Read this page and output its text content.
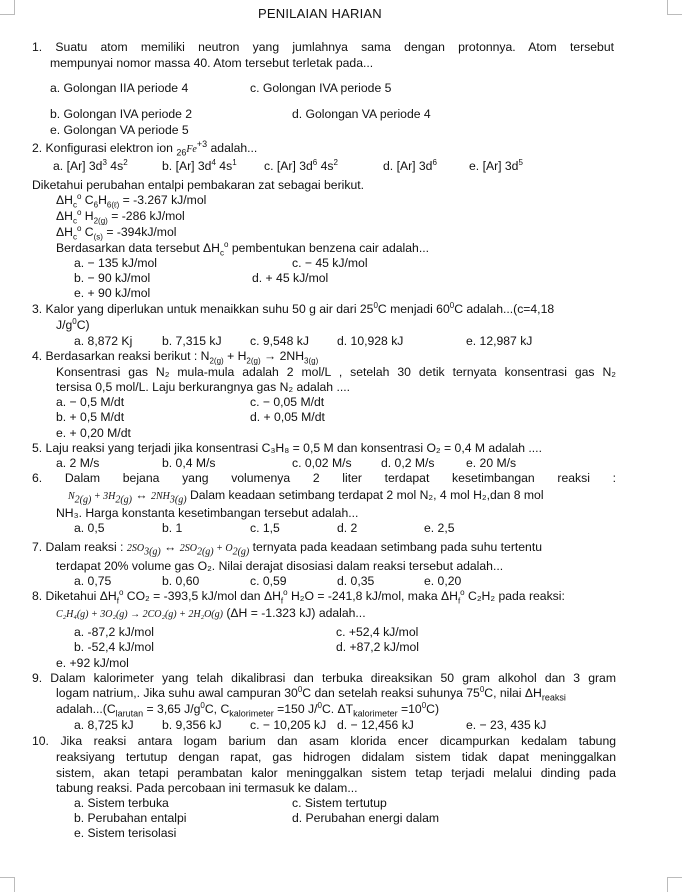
PENILAIAN HARIAN
1. Suatu atom memiliki neutron yang jumlahnya sama dengan protonnya. Atom tersebut
mempunyai nomor massa 40. Atom tersebut terletak pada...
a. Golongan IIA periode 4	c. Golongan IVA periode 5
b. Golongan IVA periode 2	d. Golongan VA periode 4
e. Golongan VA periode 5
2. Konfigurasi elektron ion $_{26}Fe^{+3}$ adalah...
a. [Ar] $3d^3$ $4s^2$	b. [Ar] $3d^4$ $4s^1$ c. [Ar] $3d^6$ $4s^2$	d. [Ar] $3d^6$	e. [Ar] $3d^5$
Diketahui perubahan entalpi pembakaran zat sebagai berikut.
$\Delta H_c^o$ $C_6H_{6(\ell)} = -3.267$ kJ/mol
$\Delta H_c^o$ $H_{2(g)} = -286$ kJ/mol
$\Delta H_c^o$ $C_{(s)} = -394kJ/mol$
Berdasarkan data tersebut $\Delta H_c^o$ pembentukan benzena cair adalah...
a. − 135 kJ/mol	c. − 45 kJ/mol
b. − 90 kJ/mol	d. + 45 kJ/mol
e. + 90 kJ/mol
3. Kalor yang diperlukan untuk menaikkan suhu 50 g air dari $25^0C$ menjadi $60^0C$ adalah...(c=4,18
$J/g^0C$)
a. 8,872 Kj b. 7,315 kJ c. 9,548 kJ d. 10,928 kJ	e. 12,987 kJ
4. Berdasarkan reaksi berikut : $N_{2(g)} + H_{2(g)} \to 2NH_{3(g)}$
Konsentrasi gas N₂ mula-mula adalah 2 mol/L , setelah 30 detik ternyata konsentrasi gas N₂
tersisa 0,5 mol/L. Laju berkurangnya gas N₂ adalah ....
a. − 0,5 M/dt	c. − 0,05 M/dt
b. + 0,5 M/dt	d. + 0,05 M/dt
e. + 0,20 M/dt
5. Laju reaksi yang terjadi jika konsentrasi C₃H₈ = 0,5 M dan konsentrasi O₂ = 0,4 M adalah ....
a. 2 M/s	b. 0,4 M/s	c. 0,02 M/s d. 0,2 M/s	e. 20 M/s
6. Dalam bejana yang volumenya 2 liter terdapat kesetimbangan reaksi :
$N_{2(g)} + 3H_{2(g)}$ ↔ $2NH_{3(g)}$ Dalam keadaan setimbang terdapat 2 mol N₂, 4 mol H₂,dan 8 mol
NH₃. Harga konstanta kesetimbangan tersebut adalah...
a. 0,5	b. 1	c. 1,5	d. 2	e. 2,5
7. Dalam reaksi : $2SO_{3(g)}$ ↔ $2SO_{2(g)} + O_{2(g)}$ ternyata pada keadaan setimbang pada suhu tertentu
terdapat 20% volume gas O₂. Nilai derajat disosiasi dalam reaksi tersebut adalah...
a. 0,75	b. 0,60	c. 0,59	d. 0,35	e. 0,20
8. Diketahui $\Delta H_f^o$ CO₂ = -393,5 kJ/mol dan $\Delta H_f^o$ H₂O = -241,8 kJ/mol, maka $\Delta H_f^o$ C₂H₂ pada reaksi:
C₂H₄(g) + 3O₂(g) → 2CO₂(g) + 2H₂O(g) (ΔH = -1.323 kJ) adalah...
a. -87,2 kJ/mol	c. +52,4 kJ/mol
b. -52,4 kJ/mol	d. +87,2 kJ/mol
e. +92 kJ/mol
9. Dalam kalorimeter yang telah dikalibrasi dan terbuka direaksikan 50 gram alkohol dan 3 gram
logam natrium,. Jika suhu awal campuran $30^0C$ dan setelah reaksi suhunya $75^0C$, nilai $\Delta H_{reaksi}$
$adalah...(C_{larutan} = 3,65$ $J/g^0C$, $C_{kalorimeter} =150$ J/$^0$C. $\Delta T_{kalorimeter} =10^0C$)
a. 8,725 kJ b. 9,356 kJ c. − 10,205 kJ d. − 12,456 kJ	e. − 23, 435 kJ
10. Jika reaksi antara logam barium dan asam klorida encer dicampurkan kedalam tabung
reaksiyang tertutup dengan rapat, gas hidrogen didalam sistem tidak dapat meninggalkan
sistem, akan tetapi perambatan kalor meninggalkan sistem tetap terjadi melalui dinding pada
tabung reaksi. Pada percobaan ini termasuk ke dalam...
a. Sistem terbuka	c. Sistem tertutup
b. Perubahan entalpi	d. Perubahan energi dalam
e. Sistem terisolasi
